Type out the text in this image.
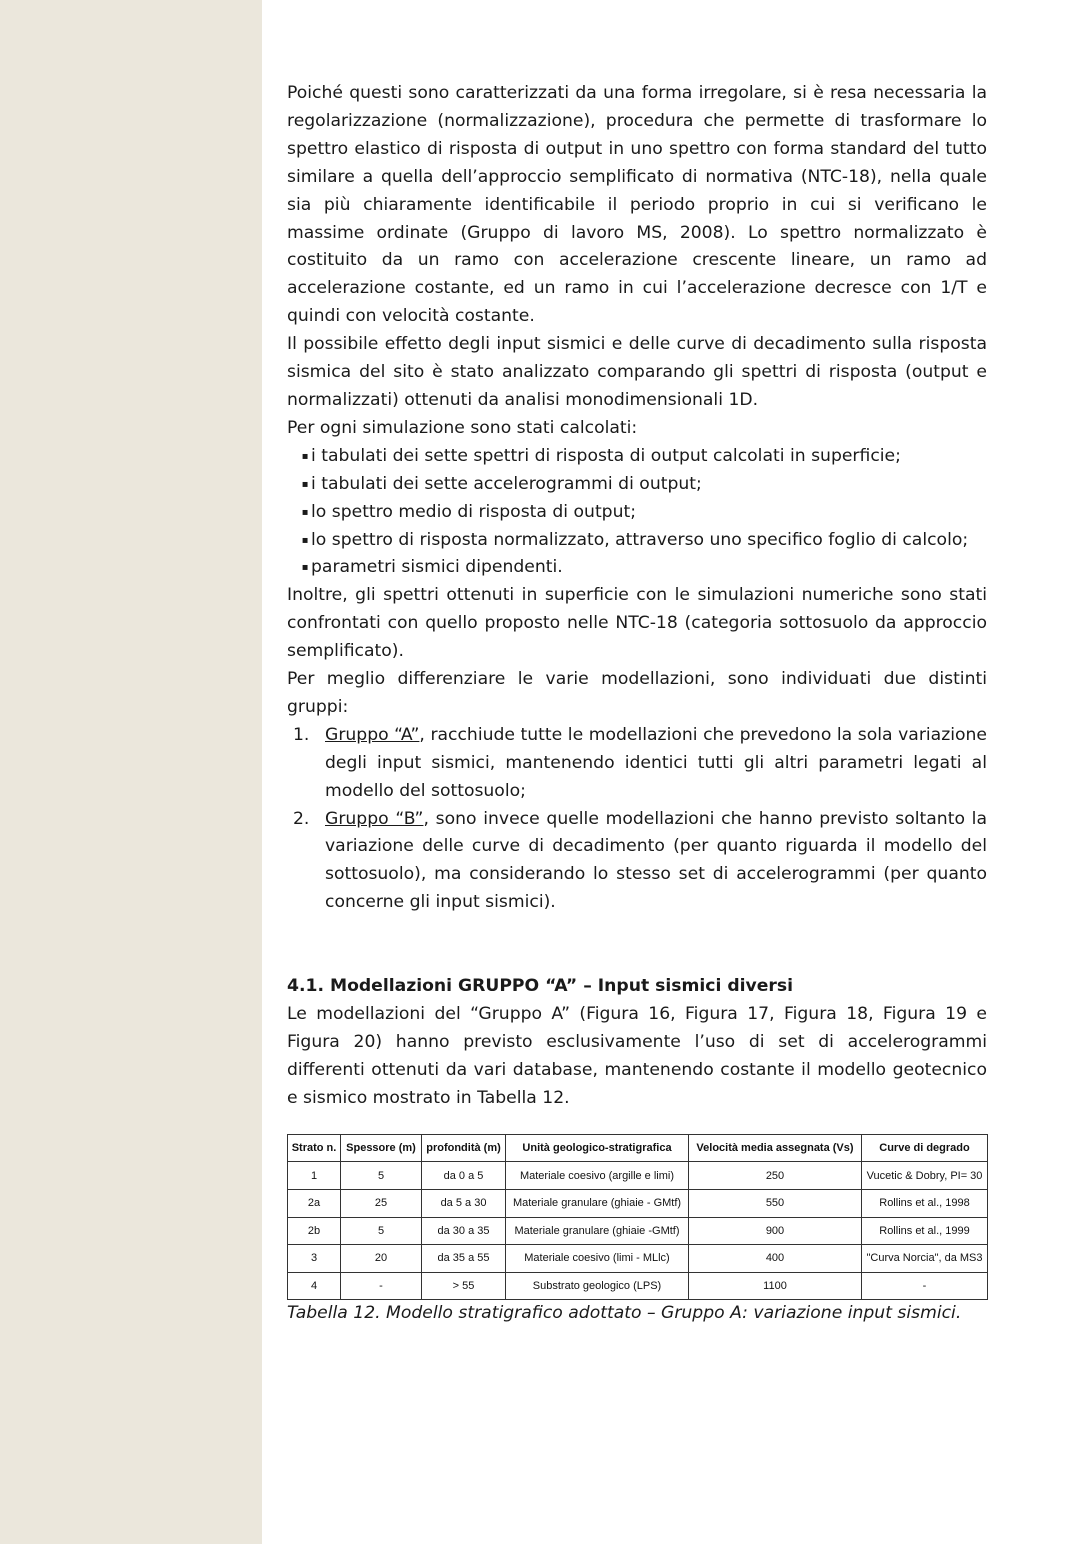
Poiché questi sono caratterizzati da una forma irregolare, si è resa necessaria la regolarizzazione (normalizzazione), procedura che permette di trasformare lo spettro elastico di risposta di output in uno spettro con forma standard del tutto similare a quella dell’approccio semplificato di normativa (NTC-18), nella quale sia più chiaramente identificabile il periodo proprio in cui si verificano le massime ordinate (Gruppo di lavoro MS, 2008). Lo spettro normalizzato è costituito da un ramo con accelerazione crescente lineare, un ramo ad accelerazione costante, ed un ramo in cui l’accelerazione decresce con 1/T e quindi con velocità costante.

Il possibile effetto degli input sismici e delle curve di decadimento sulla risposta sismica del sito è stato analizzato comparando gli spettri di risposta (output e normalizzati) ottenuti da analisi monodimensionali 1D.

Per ogni simulazione sono stati calcolati:

▪ i tabulati dei sette spettri di risposta di output calcolati in superficie;
▪ i tabulati dei sette accelerogrammi di output;
▪ lo spettro medio di risposta di output;
▪ lo spettro di risposta normalizzato, attraverso uno specifico foglio di calcolo;
▪ parametri sismici dipendenti.

Inoltre, gli spettri ottenuti in superficie con le simulazioni numeriche sono stati confrontati con quello proposto nelle NTC-18 (categoria sottosuolo da approccio semplificato).

Per meglio differenziare le varie modellazioni, sono individuati due distinti gruppi:

1. Gruppo “A”, racchiude tutte le modellazioni che prevedono la sola variazione degli input sismici, mantenendo identici tutti gli altri parametri legati al modello del sottosuolo;
2. Gruppo “B”, sono invece quelle modellazioni che hanno previsto soltanto la variazione delle curve di decadimento (per quanto riguarda il modello del sottosuolo), ma considerando lo stesso set di accelerogrammi (per quanto concerne gli input sismici).
4.1. Modellazioni GRUPPO “A” – Input sismici diversi

Le modellazioni del “Gruppo A” (Figura 16, Figura 17, Figura 18, Figura 19 e Figura 20) hanno previsto esclusivamente l’uso di set di accelerogrammi differenti ottenuti da vari database, mantenendo costante il modello geotecnico e sismico mostrato in Tabella 12.

Strato n.	Spessore (m)	profondità (m)	Unità geologico-stratigrafica	Velocità media assegnata (Vs)	Curve di degrado
1	5	da 0 a 5	Materiale coesivo (argille e limi)	250	Vucetic & Dobry, PI= 30
2a	25	da 5 a 30	Materiale granulare (ghiaie - GMtf)	550	Rollins et al., 1998
2b	5	da 30 a 35	Materiale granulare (ghiaie -GMtf)	900	Rollins et al., 1999
3	20	da 35 a 55	Materiale coesivo (limi - MLlc)	400	"Curva Norcia", da MS3
4	-	> 55	Substrato geologico (LPS)	1100	-

Tabella 12. Modello stratigrafico adottato – Gruppo A: variazione input sismici.
